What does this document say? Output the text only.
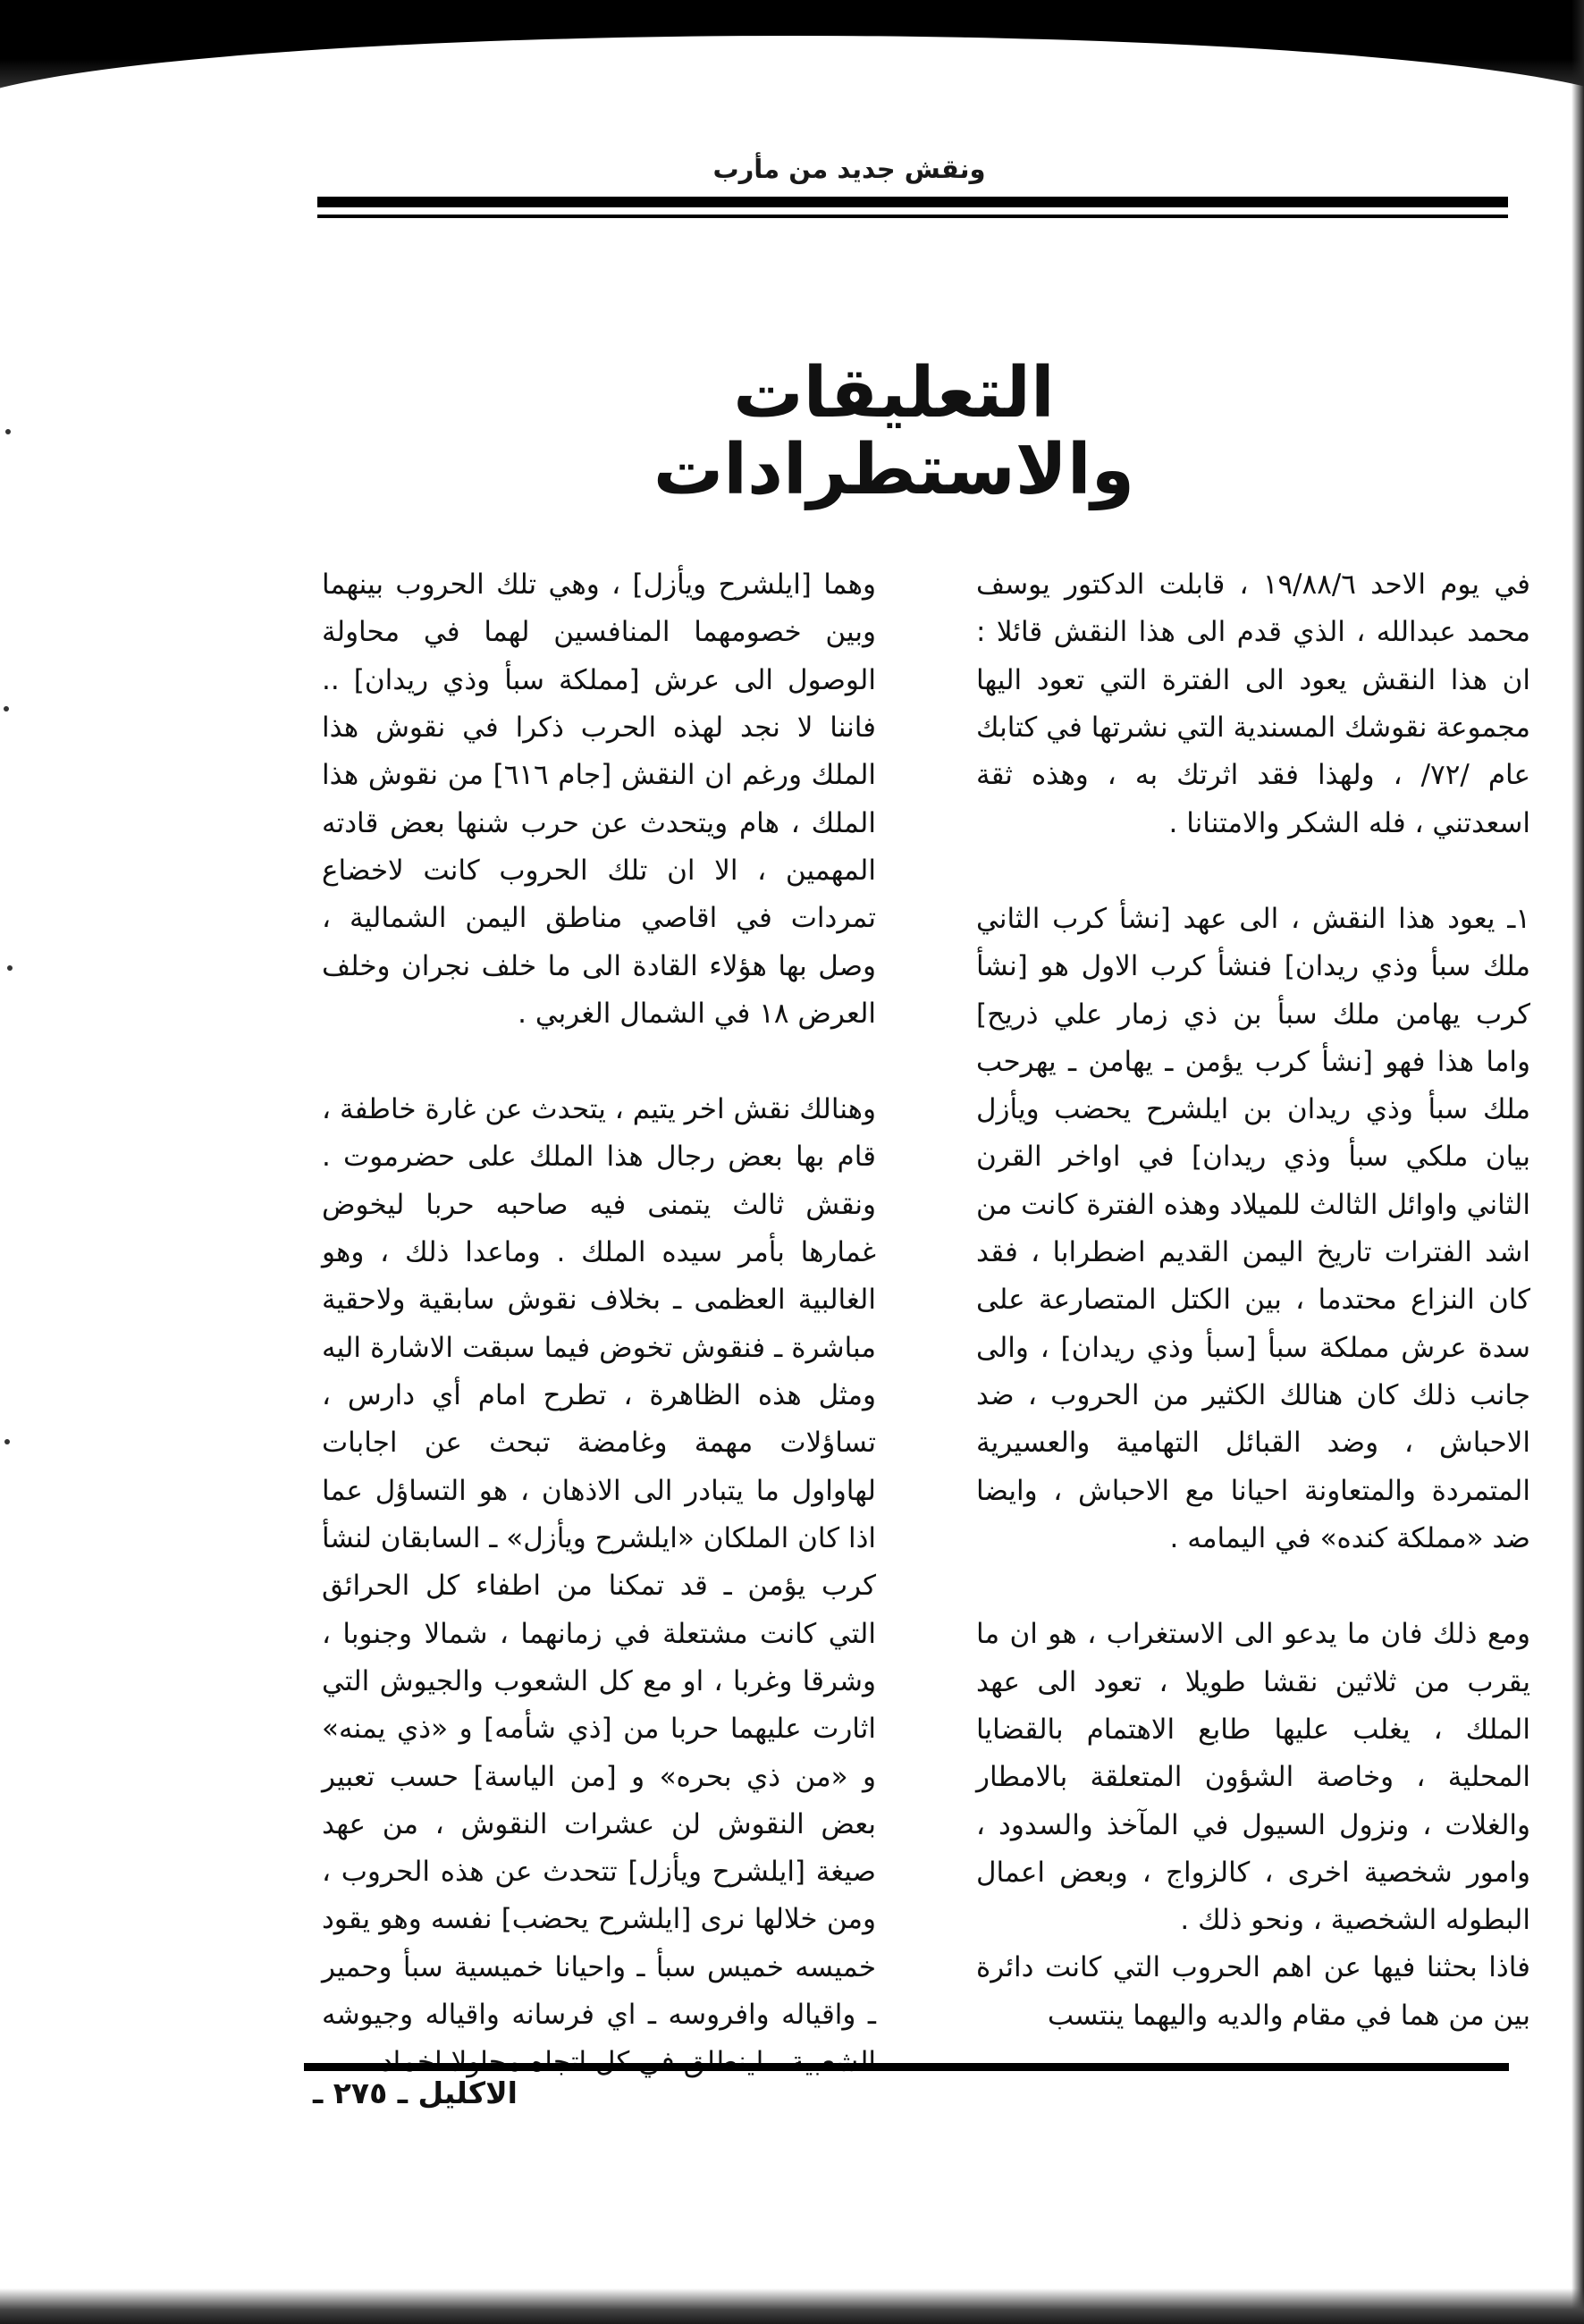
ونقش جديد من مأرب
التعليقات والاستطرادات

في يوم الاحد ١٩/٨٨/٦ ، قابلت الدكتور يوسف محمد عبدالله ، الذي قدم الى هذا النقش قائلا : ان هذا النقش يعود الى الفترة التي تعود اليها مجموعة نقوشك المسندية التي نشرتها في كتابك عام /٧٢/ ، ولهذا فقد اثرتك به ، وهذه ثقة اسعدتني ، فله الشكر والامتنانا .

١ـ يعود هذا النقش ، الى عهد [نشأ كرب الثاني ملك سبأ وذي ريدان] فنشأ كرب الاول هو [نشأ كرب يهامن ملك سبأ بن ذي زمار علي ذريح] واما هذا فهو [نشأ كرب يؤمن ـ يهامن ـ يهرحب ملك سبأ وذي ريدان بن ايلشرح يحضب ويأزل بيان ملكي سبأ وذي ريدان] في اواخر القرن الثاني واوائل الثالث للميلاد وهذه الفترة كانت من اشد الفترات تاريخ اليمن القديم اضطرابا ، فقد كان النزاع محتدما ، بين الكتل المتصارعة على سدة عرش مملكة سبأ [سبأ وذي ريدان] ، والى جانب ذلك كان هنالك الكثير من الحروب ، ضد الاحباش ، وضد القبائل التهامية والعسيرية المتمردة والمتعاونة احيانا مع الاحباش ، وايضا ضد «مملكة كنده» في اليمامه .

ومع ذلك فان ما يدعو الى الاستغراب ، هو ان ما يقرب من ثلاثين نقشا طويلا ، تعود الى عهد الملك ، يغلب عليها طابع الاهتمام بالقضايا المحلية ، وخاصة الشؤون المتعلقة بالامطار والغلات ، ونزول السيول في المآخذ والسدود ، وامور شخصية اخرى ، كالزواج ، وبعض اعمال البطوله الشخصية ، ونحو ذلك .

فاذا بحثنا فيها عن اهم الحروب التي كانت دائرة بين من هما في مقام والديه واليهما ينتسب

وهما [ايلشرح ويأزل] ، وهي تلك الحروب بينهما وبين خصومهما المنافسين لهما في محاولة الوصول الى عرش [مملكة سبأ وذي ريدان] .. فاننا لا نجد لهذه الحرب ذكرا في نقوش هذا الملك ورغم ان النقش [جام ٦١٦] من نقوش هذا الملك ، هام ويتحدث عن حرب شنها بعض قادته المهمين ، الا ان تلك الحروب كانت لاخضاع تمردات في اقاصي مناطق اليمن الشمالية ، وصل بها هؤلاء القادة الى ما خلف نجران وخلف العرض ١٨ في الشمال الغربي .

وهنالك نقش اخر يتيم ، يتحدث عن غارة خاطفة ، قام بها بعض رجال هذا الملك على حضرموت . ونقش ثالث يتمنى فيه صاحبه حربا ليخوض غمارها بأمر سيده الملك . وماعدا ذلك ، وهو الغالبية العظمى ـ بخلاف نقوش سابقية ولاحقية مباشرة ـ فنقوش تخوض فيما سبقت الاشارة اليه ومثل هذه الظاهرة ، تطرح امام أي دارس ، تساؤلات مهمة وغامضة تبحث عن اجابات لهاواول ما يتبادر الى الاذهان ، هو التساؤل عما اذا كان الملكان «ايلشرح ويأزل» ـ السابقان لنشأ كرب يؤمن ـ قد تمكنا من اطفاء كل الحرائق التي كانت مشتعلة في زمانهما ، شمالا وجنوبا ، وشرقا وغربا ، او مع كل الشعوب والجيوش التي اثارت عليهما حربا من [ذي شأمه] و «ذي يمنه» و «من ذي بحره» و [من الياسة] حسب تعبير بعض النقوش لن عشرات النقوش ، من عهد صيغة [ايلشرح ويأزل] تتحدث عن هذه الحروب ، ومن خلالها نرى [ايلشرح يحضب] نفسه وهو يقود خميسه خميس سبأ ـ واحيانا خميسية سبأ وحمير ـ واقياله وافروسه ـ اي فرسانه واقياله وجيوشه

الاكليل ـ ٢٧٥ ـ
